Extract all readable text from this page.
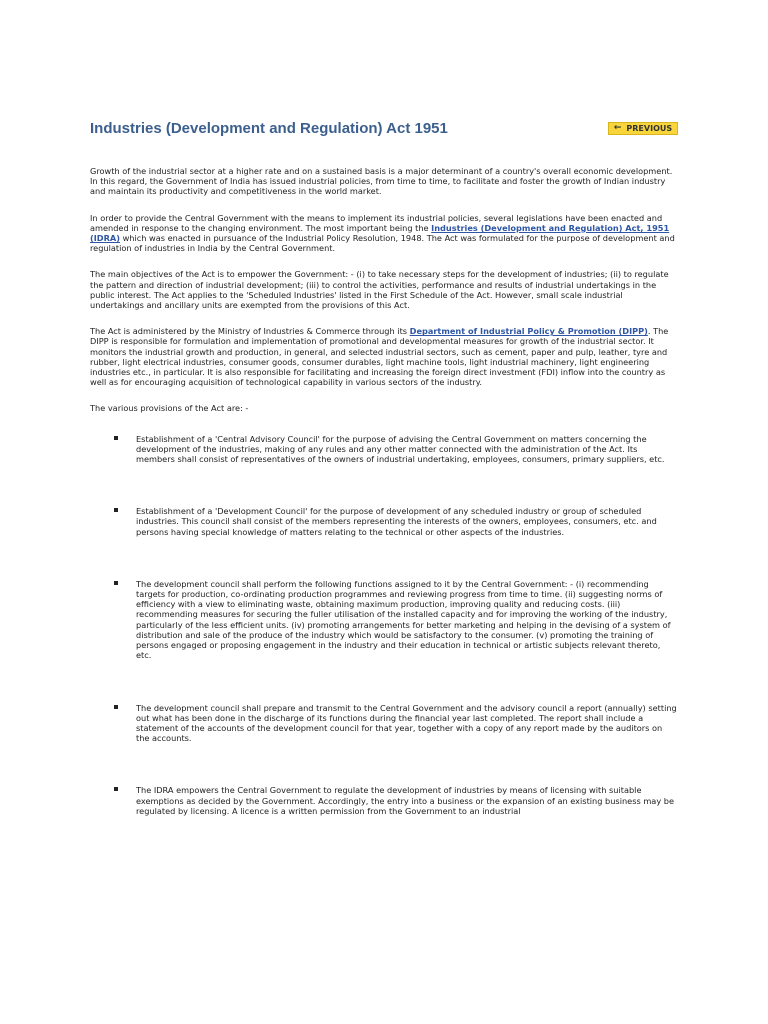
Industries (Development and Regulation) Act 1951	← PREVIOUS

Growth of the industrial sector at a higher rate and on a sustained basis is a major determinant of a country's overall economic development. In this regard, the Government of India has issued industrial policies, from time to time, to facilitate and foster the growth of Indian industry and maintain its productivity and competitiveness in the world market.

In order to provide the Central Government with the means to implement its industrial policies, several legislations have been enacted and amended in response to the changing environment. The most important being the Industries (Development and Regulation) Act, 1951 (IDRA) which was enacted in pursuance of the Industrial Policy Resolution, 1948. The Act was formulated for the purpose of development and regulation of industries in India by the Central Government.

The main objectives of the Act is to empower the Government: - (i) to take necessary steps for the development of industries; (ii) to regulate the pattern and direction of industrial development; (iii) to control the activities, performance and results of industrial undertakings in the public interest. The Act applies to the 'Scheduled Industries' listed in the First Schedule of the Act. However, small scale industrial undertakings and ancillary units are exempted from the provisions of this Act.

The Act is administered by the Ministry of Industries & Commerce through its Department of Industrial Policy & Promotion (DIPP). The DIPP is responsible for formulation and implementation of promotional and developmental measures for growth of the industrial sector. It monitors the industrial growth and production, in general, and selected industrial sectors, such as cement, paper and pulp, leather, tyre and rubber, light electrical industries, consumer goods, consumer durables, light machine tools, light industrial machinery, light engineering industries etc., in particular. It is also responsible for facilitating and increasing the foreign direct investment (FDI) inflow into the country as well as for encouraging acquisition of technological capability in various sectors of the industry.

The various provisions of the Act are: -

Establishment of a 'Central Advisory Council' for the purpose of advising the Central Government on matters concerning the development of the industries, making of any rules and any other matter connected with the administration of the Act. Its members shall consist of representatives of the owners of industrial undertaking, employees, consumers, primary suppliers, etc.
Establishment of a 'Development Council' for the purpose of development of any scheduled industry or group of scheduled industries. This council shall consist of the members representing the interests of the owners, employees, consumers, etc. and persons having special knowledge of matters relating to the technical or other aspects of the industries.
The development council shall perform the following functions assigned to it by the Central Government: - (i) recommending targets for production, co-ordinating production programmes and reviewing progress from time to time. (ii) suggesting norms of efficiency with a view to eliminating waste, obtaining maximum production, improving quality and reducing costs. (iii) recommending measures for securing the fuller utilisation of the installed capacity and for improving the working of the industry, particularly of the less efficient units. (iv) promoting arrangements for better marketing and helping in the devising of a system of distribution and sale of the produce of the industry which would be satisfactory to the consumer. (v) promoting the training of persons engaged or proposing engagement in the industry and their education in technical or artistic subjects relevant thereto, etc.
The development council shall prepare and transmit to the Central Government and the advisory council a report (annually) setting out what has been done in the discharge of its functions during the financial year last completed. The report shall include a statement of the accounts of the development council for that year, together with a copy of any report made by the auditors on the accounts.
The IDRA empowers the Central Government to regulate the development of industries by means of licensing with suitable exemptions as decided by the Government. Accordingly, the entry into a business or the expansion of an existing business may be regulated by licensing. A licence is a written permission from the Government to an industrial
